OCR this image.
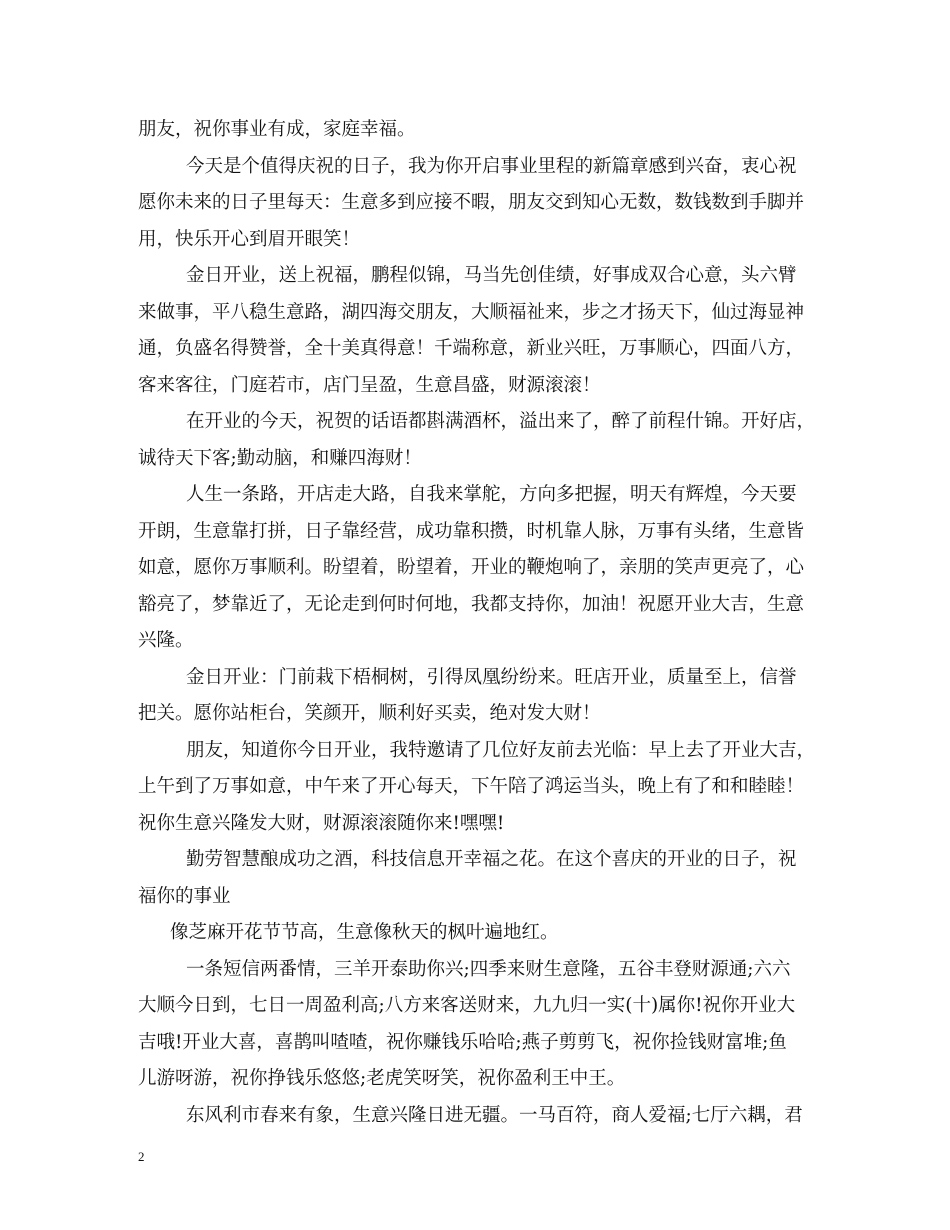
朋友，祝你事业有成，家庭幸福。
今天是个值得庆祝的日子，我为你开启事业里程的新篇章感到兴奋，衷心祝
愿你未来的日子里每天：生意多到应接不暇，朋友交到知心无数，数钱数到手脚并
用，快乐开心到眉开眼笑！
金日开业，送上祝福，鹏程似锦，马当先创佳绩，好事成双合心意，头六臂
来做事，平八稳生意路，湖四海交朋友，大顺福祉来，步之才扬天下，仙过海显神
通，负盛名得赞誉，全十美真得意！千端称意，新业兴旺，万事顺心，四面八方，
客来客往，门庭若市，店门呈盈，生意昌盛，财源滚滚！
在开业的今天，祝贺的话语都斟满酒杯，溢出来了，醉了前程什锦。开好店，
诚待天下客;勤动脑，和赚四海财！
人生一条路，开店走大路，自我来掌舵，方向多把握，明天有辉煌，今天要
开朗，生意靠打拼，日子靠经营，成功靠积攒，时机靠人脉，万事有头绪，生意皆
如意，愿你万事顺利。盼望着，盼望着，开业的鞭炮响了，亲朋的笑声更亮了，心
豁亮了，梦靠近了，无论走到何时何地，我都支持你，加油！祝愿开业大吉，生意
兴隆。
金日开业：门前栽下梧桐树，引得凤凰纷纷来。旺店开业，质量至上，信誉
把关。愿你站柜台，笑颜开，顺利好买卖，绝对发大财！
朋友，知道你今日开业，我特邀请了几位好友前去光临：早上去了开业大吉，
上午到了万事如意，中午来了开心每天，下午陪了鸿运当头，晚上有了和和睦睦！
祝你生意兴隆发大财，财源滚滚随你来!嘿嘿!
勤劳智慧酿成功之酒，科技信息开幸福之花。在这个喜庆的开业的日子，祝
福你的事业
像芝麻开花节节高，生意像秋天的枫叶遍地红。
一条短信两番情，三羊开泰助你兴;四季来财生意隆，五谷丰登财源通;六六
大顺今日到，七日一周盈利高;八方来客送财来，九九归一实(十)属你!祝你开业大
吉哦!开业大喜，喜鹊叫喳喳，祝你赚钱乐哈哈;燕子剪剪飞，祝你捡钱财富堆;鱼
儿游呀游，祝你挣钱乐悠悠;老虎笑呀笑，祝你盈利王中王。
东风利市春来有象，生意兴隆日进无疆。一马百符，商人爱福;七厅六耦，君
2
